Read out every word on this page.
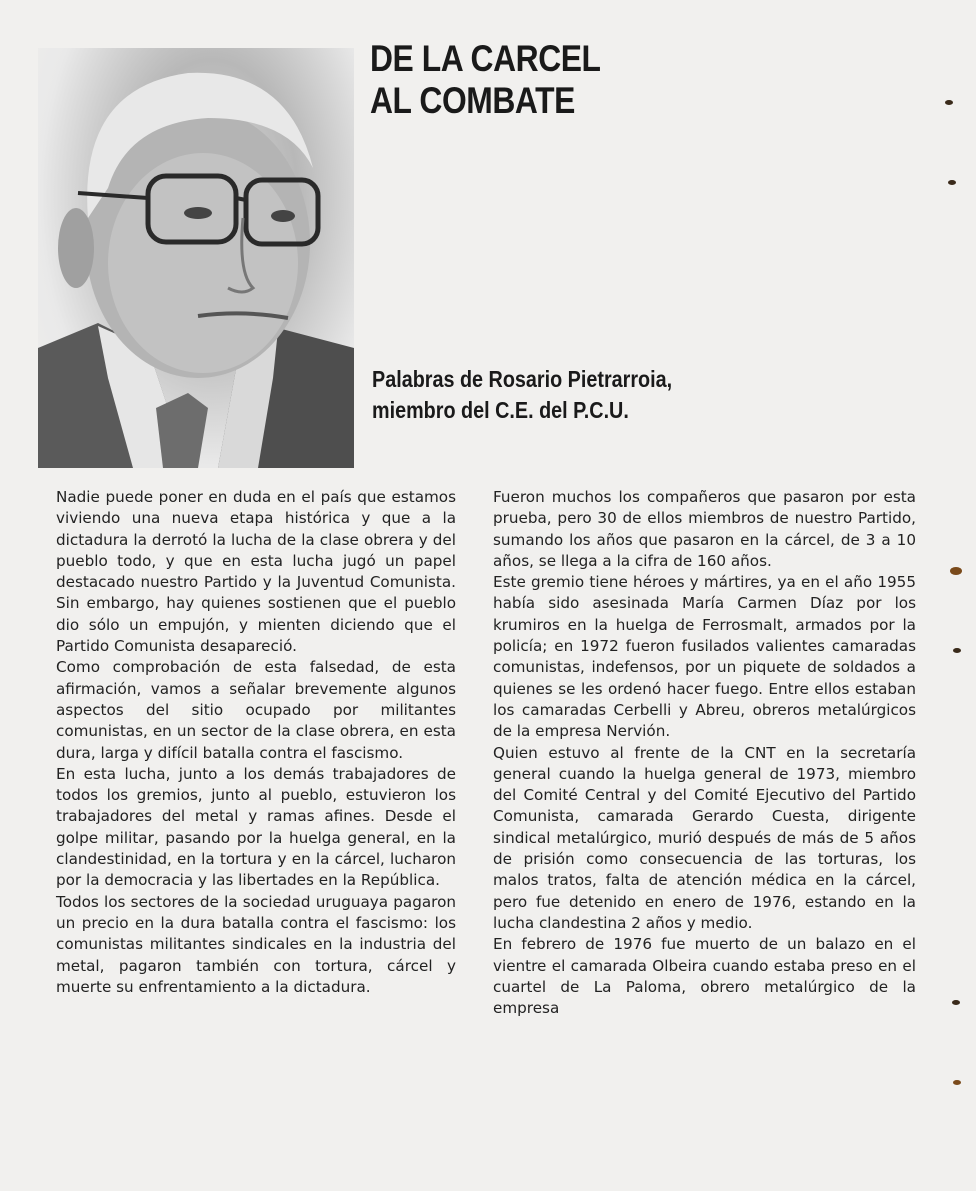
DE LA CARCEL
AL COMBATE
Palabras de Rosario Pietrarroia,
miembro del C.E. del P.C.U.

Nadie puede poner en duda en el país que estamos viviendo una nueva etapa histórica y que a la dictadura la derrotó la lucha de la clase obrera y del pueblo todo, y que en esta lucha jugó un papel destacado nuestro Partido y la Juventud Comunista. Sin embargo, hay quienes sostienen que el pueblo dio sólo un empujón, y mienten diciendo que el Partido Comunista desapareció.

Como comprobación de esta falsedad, de esta afirmación, vamos a señalar brevemente algunos aspectos del sitio ocupado por militantes comunistas, en un sector de la clase obrera, en esta dura, larga y difícil batalla contra el fascismo.

En esta lucha, junto a los demás trabajadores de todos los gremios, junto al pueblo, estuvieron los trabajadores del metal y ramas afines. Desde el golpe militar, pasando por la huelga general, en la clandestinidad, en la tortura y en la cárcel, lucharon por la democracia y las libertades en la República.

Todos los sectores de la sociedad uruguaya pagaron un precio en la dura batalla contra el fascismo: los comunistas militantes sindicales en la industria del metal, pagaron también con tortura, cárcel y muerte su enfrentamiento a la dictadura.

Fueron muchos los compañeros que pasaron por esta prueba, pero 30 de ellos miembros de nuestro Partido, sumando los años que pasaron en la cárcel, de 3 a 10 años, se llega a la cifra de 160 años.

Este gremio tiene héroes y mártires, ya en el año 1955 había sido asesinada María Carmen Díaz por los krumiros en la huelga de Ferrosmalt, armados por la policía; en 1972 fueron fusilados valientes camaradas comunistas, indefensos, por un piquete de soldados a quienes se les ordenó hacer fuego. Entre ellos estaban los camaradas Cerbelli y Abreu, obreros metalúrgicos de la empresa Nervión.

Quien estuvo al frente de la CNT en la secretaría general cuando la huelga general de 1973, miembro del Comité Central y del Comité Ejecutivo del Partido Comunista, camarada Gerardo Cuesta, dirigente sindical metalúrgico, murió después de más de 5 años de prisión como consecuencia de las torturas, los malos tratos, falta de atención médica en la cárcel, pero fue detenido en enero de 1976, estando en la lucha clandestina 2 años y medio.

En febrero de 1976 fue muerto de un balazo en el vientre el camarada Olbeira cuando estaba preso en el cuartel de La Paloma, obrero metalúrgico de la empresa
